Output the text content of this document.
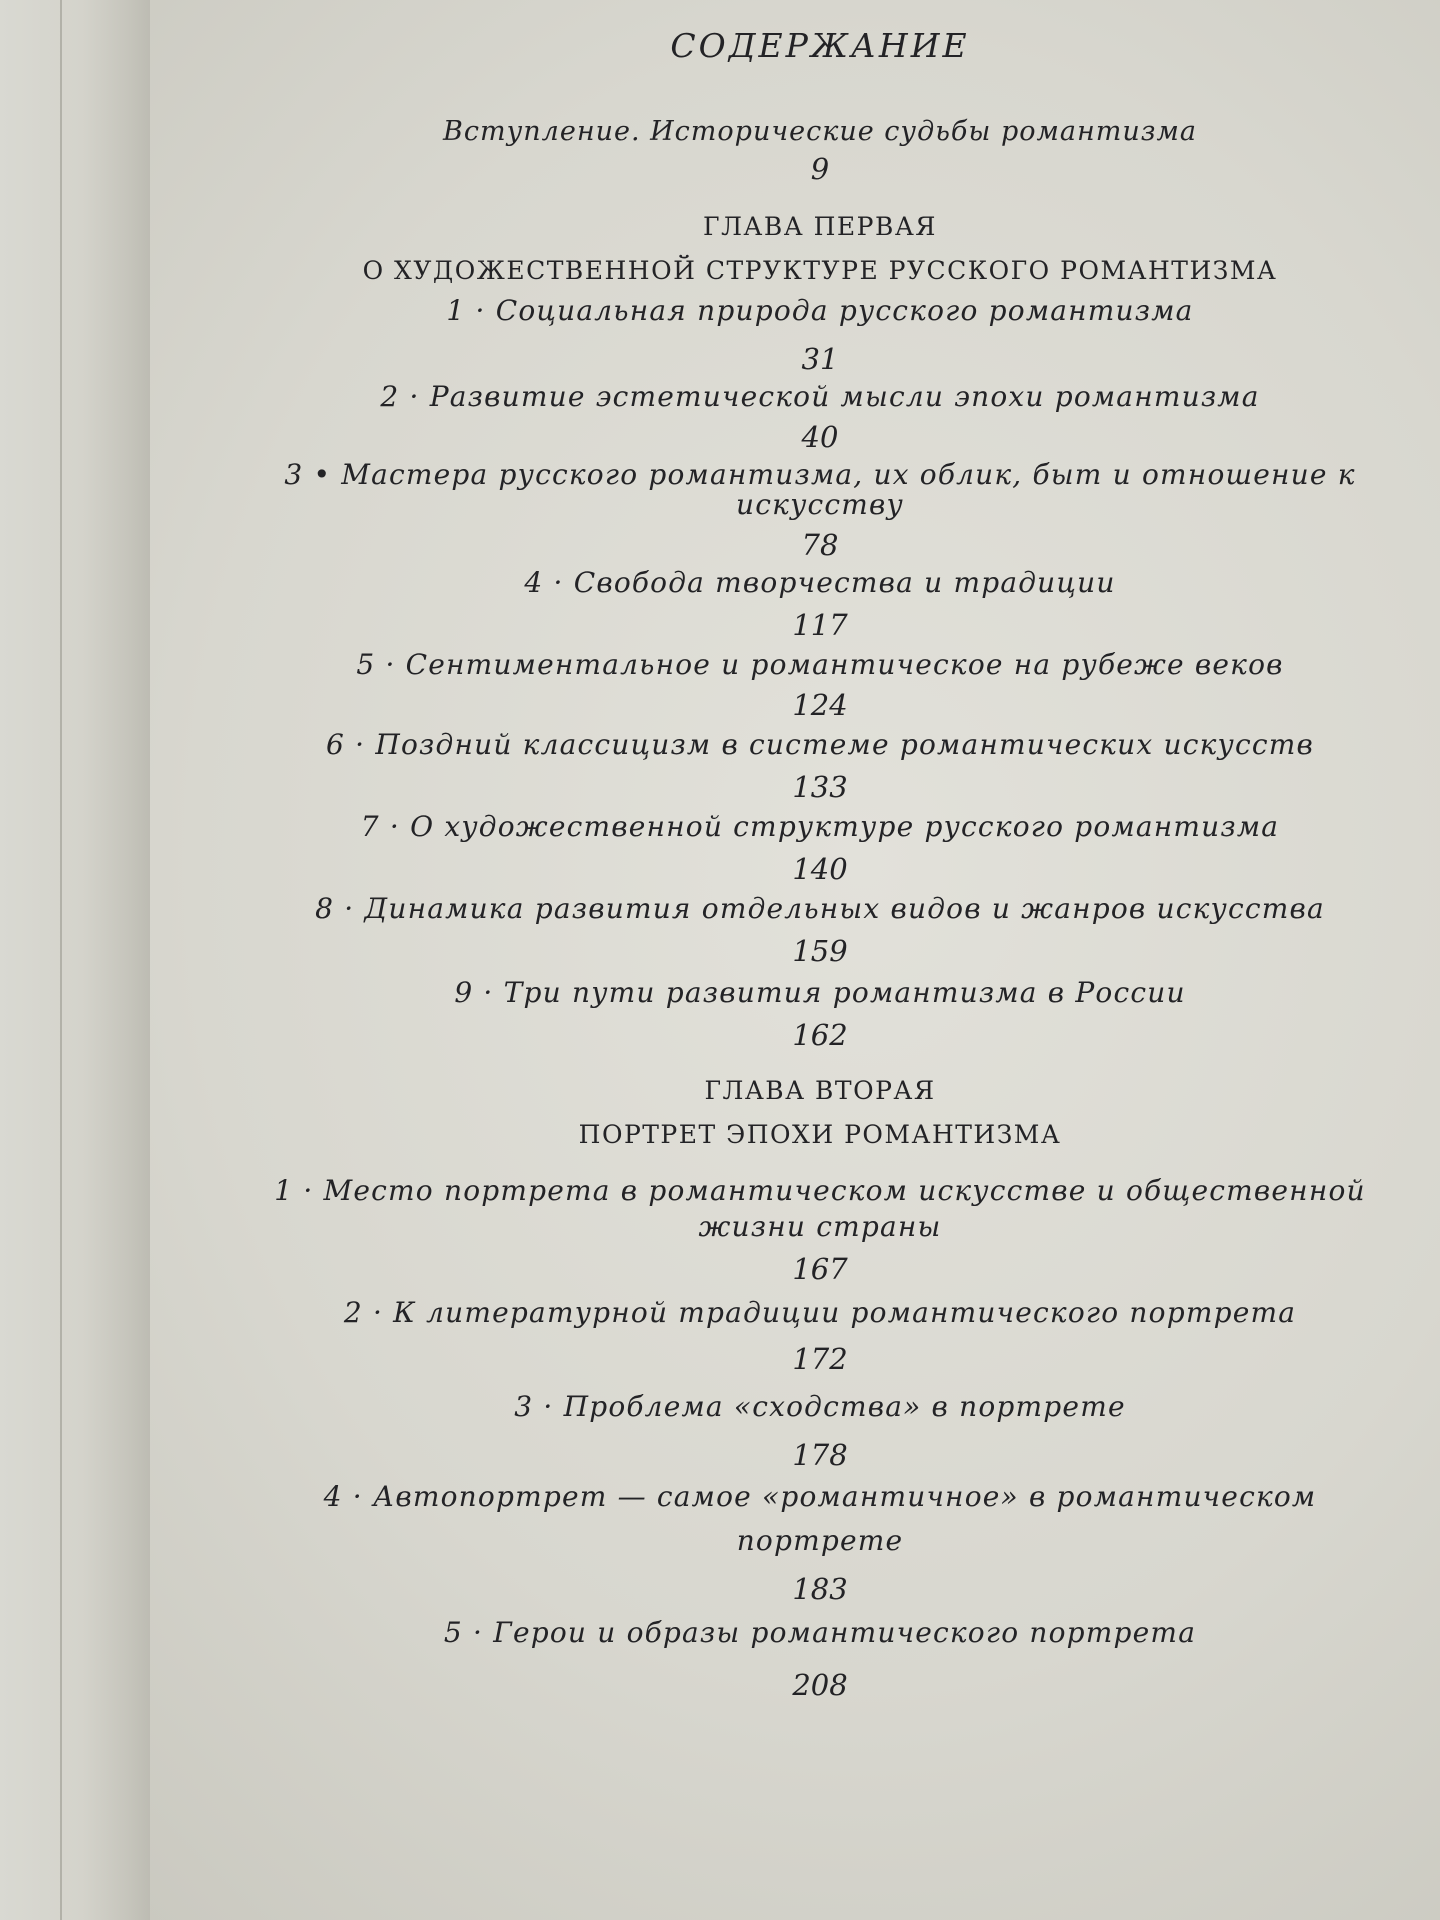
СОДЕРЖАНИЕ
Вступление. Исторические судьбы романтизма
9
ГЛАВА ПЕРВАЯ
О ХУДОЖЕСТВЕННОЙ СТРУКТУРЕ РУССКОГО РОМАНТИЗМА
1 · Социальная природа русского романтизма
31
2 · Развитие эстетической мысли эпохи романтизма
40
3 • Мастера русского романтизма, их облик, быт и отношение к
искусству
78
4 · Свобода творчества и традиции
117
5 · Сентиментальное и романтическое на рубеже веков
124
6 · Поздний классицизм в системе романтических искусств
133
7 · О художественной структуре русского романтизма
140
8 · Динамика развития отдельных видов и жанров искусства
159
9 · Три пути развития романтизма в России
162
ГЛАВА ВТОРАЯ
ПОРТРЕТ ЭПОХИ РОМАНТИЗМА
1 · Место портрета в романтическом искусстве и общественной
жизни страны
167
2 · К литературной традиции романтического портрета
172
3 · Проблема «сходства» в портрете
178
4 · Автопортрет — самое «романтичное» в романтическом
портрете
183
5 · Герои и образы романтического портрета
208
